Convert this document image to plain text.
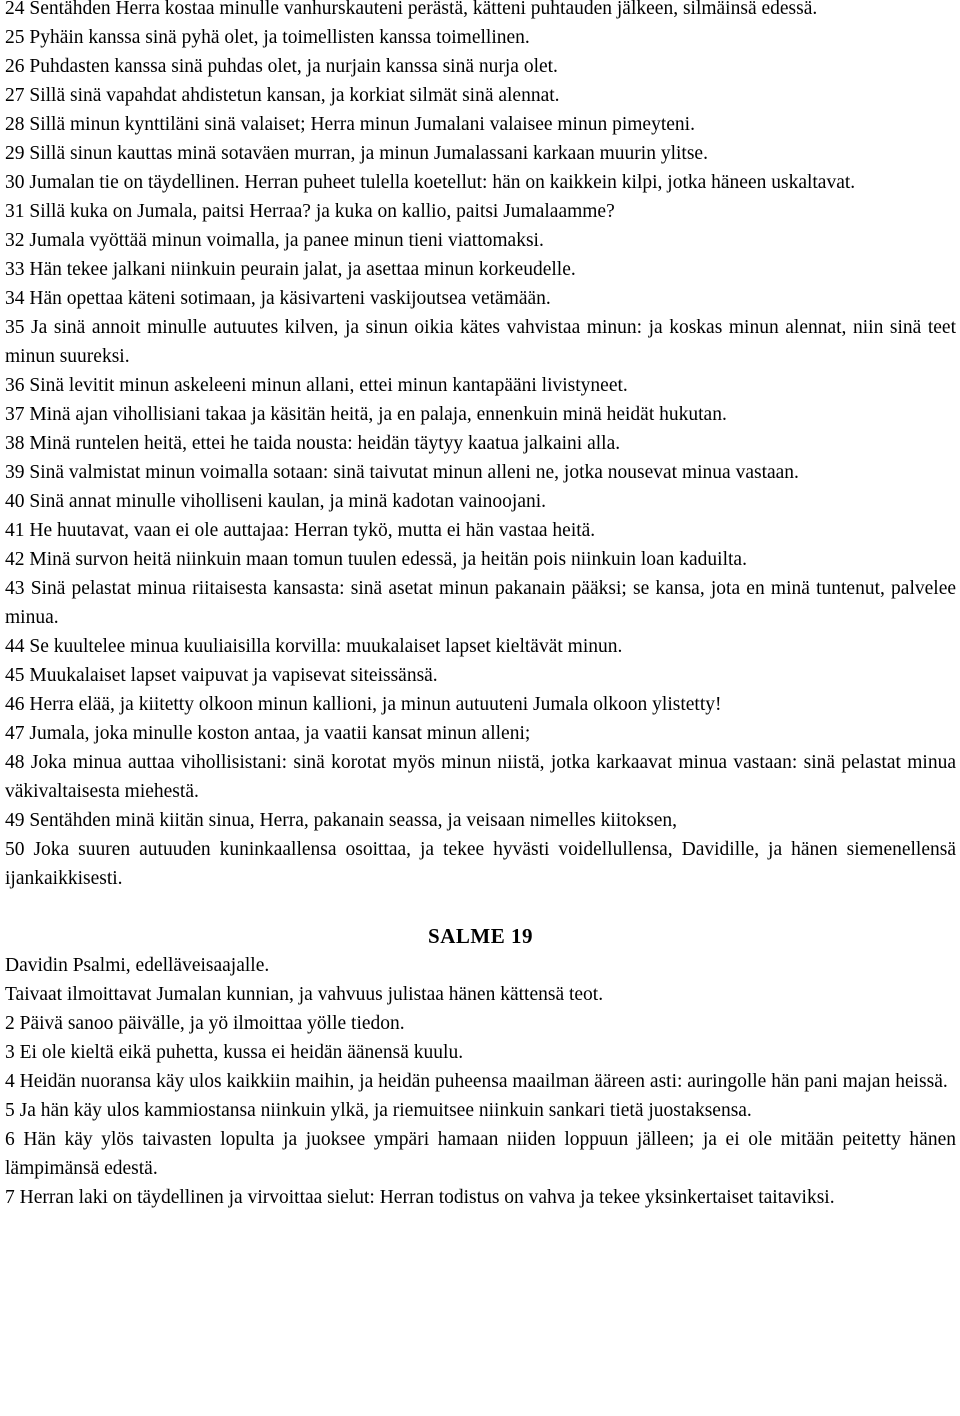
24 Sentähden Herra kostaa minulle vanhurskauteni perästä, kätteni puhtauden jälkeen, silmäinsä edessä.

25 Pyhäin kanssa sinä pyhä olet, ja toimellisten kanssa toimellinen.

26 Puhdasten kanssa sinä puhdas olet, ja nurjain kanssa sinä nurja olet.

27 Sillä sinä vapahdat ahdistetun kansan, ja korkiat silmät sinä alennat.

28 Sillä minun kynttiläni sinä valaiset; Herra minun Jumalani valaisee minun pimeyteni.

29 Sillä sinun kauttas minä sotaväen murran, ja minun Jumalassani karkaan muurin ylitse.

30 Jumalan tie on täydellinen. Herran puheet tulella koetellut: hän on kaikkein kilpi, jotka häneen uskaltavat.

31 Sillä kuka on Jumala, paitsi Herraa? ja kuka on kallio, paitsi Jumalaamme?

32 Jumala vyöttää minun voimalla, ja panee minun tieni viattomaksi.

33 Hän tekee jalkani niinkuin peurain jalat, ja asettaa minun korkeudelle.

34 Hän opettaa käteni sotimaan, ja käsivarteni vaskijoutsea vetämään.

35 Ja sinä annoit minulle autuutes kilven, ja sinun oikia kätes vahvistaa minun: ja koskas minun alennat, niin sinä teet minun suureksi.

36 Sinä levitit minun askeleeni minun allani, ettei minun kantapääni livistyneet.

37 Minä ajan vihollisiani takaa ja käsitän heitä, ja en palaja, ennenkuin minä heidät hukutan.

38 Minä runtelen heitä, ettei he taida nousta: heidän täytyy kaatua jalkaini alla.

39 Sinä valmistat minun voimalla sotaan: sinä taivutat minun alleni ne, jotka nousevat minua vastaan.

40 Sinä annat minulle viholliseni kaulan, ja minä kadotan vainoojani.

41 He huutavat, vaan ei ole auttajaa: Herran tykö, mutta ei hän vastaa heitä.

42 Minä survon heitä niinkuin maan tomun tuulen edessä, ja heitän pois niinkuin loan kaduilta.

43 Sinä pelastat minua riitaisesta kansasta: sinä asetat minun pakanain pääksi; se kansa, jota en minä tuntenut, palvelee minua.

44 Se kuultelee minua kuuliaisilla korvilla: muukalaiset lapset kieltävät minun.

45 Muukalaiset lapset vaipuvat ja vapisevat siteissänsä.

46 Herra elää, ja kiitetty olkoon minun kallioni, ja minun autuuteni Jumala olkoon ylistetty!

47 Jumala, joka minulle koston antaa, ja vaatii kansat minun alleni;

48 Joka minua auttaa vihollisistani: sinä korotat myös minun niistä, jotka karkaavat minua vastaan: sinä pelastat minua väkivaltaisesta miehestä.

49 Sentähden minä kiitän sinua, Herra, pakanain seassa, ja veisaan nimelles kiitoksen,

50 Joka suuren autuuden kuninkaallensa osoittaa, ja tekee hyvästi voidellullensa, Davidille, ja hänen siemenellensä ijankaikkisesti.

SALME 19

Davidin Psalmi, edelläveisaajalle.

Taivaat ilmoittavat Jumalan kunnian, ja vahvuus julistaa hänen kättensä teot.

2 Päivä sanoo päivälle, ja yö ilmoittaa yölle tiedon.

3 Ei ole kieltä eikä puhetta, kussa ei heidän äänensä kuulu.

4 Heidän nuoransa käy ulos kaikkiin maihin, ja heidän puheensa maailman ääreen asti: auringolle hän pani majan heissä.

5 Ja hän käy ulos kammiostansa niinkuin ylkä, ja riemuitsee niinkuin sankari tietä juostaksensa.

6 Hän käy ylös taivasten lopulta ja juoksee ympäri hamaan niiden loppuun jälleen; ja ei ole mitään peitetty hänen lämpimänsä edestä.

7 Herran laki on täydellinen ja virvoittaa sielut: Herran todistus on vahva ja tekee yksinkertaiset taitaviksi.
